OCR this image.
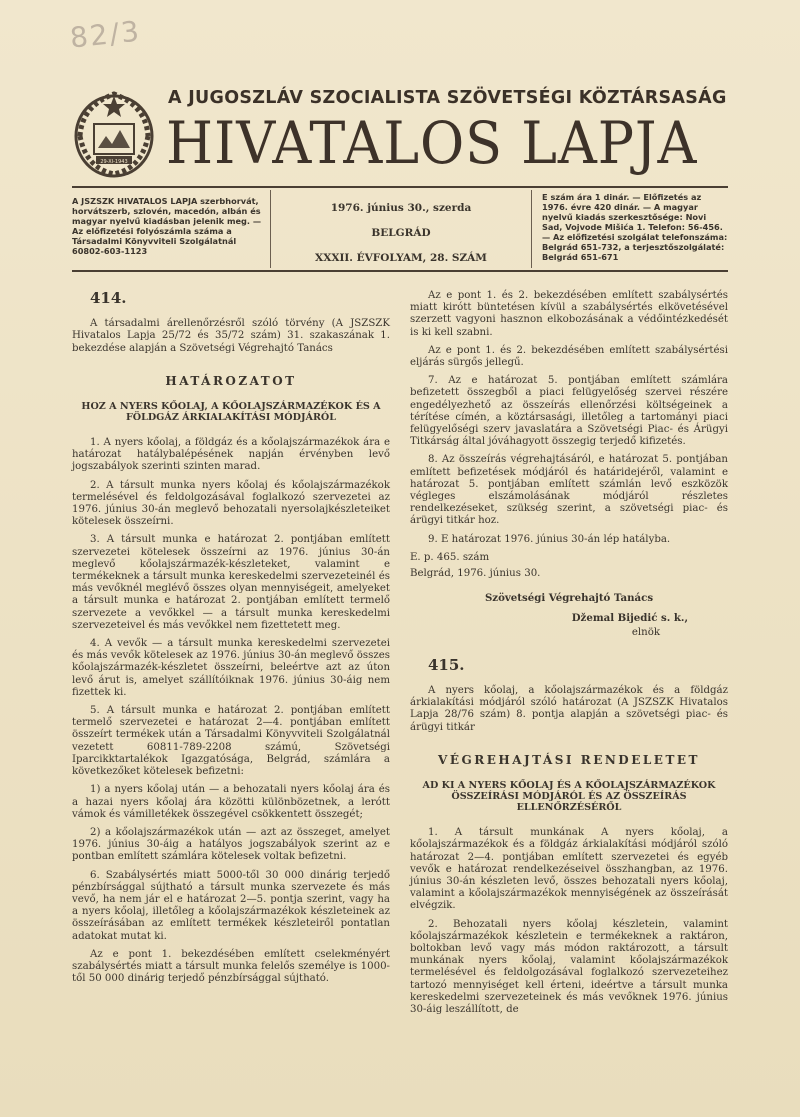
82/3
29-XI-1943
A JUGOSZLÁV SZOCIALISTA SZÖVETSÉGI KÖZTÁRSASÁG
HIVATALOS LAPJA
A JSZSZK HIVATALOS LAPJA szerbhorvát, horvátszerb, szlovén, macedón, albán és magyar nyelvű kiadásban jelenik meg. — Az előfizetési folyószámla száma a Társadalmi Könyvviteli Szolgálatnál 60802-603-1123
1976. június 30., szerda
BELGRÁD
XXXII. ÉVFOLYAM, 28. SZÁM
E szám ára 1 dinár. — Előfizetés az 1976. évre 420 dinár. — A magyar nyelvű kiadás szerkesztősége: Novi Sad, Vojvode Mišića 1. Telefon: 56-456. — Az előfizetési szolgálat telefonszáma: Belgrád 651-732, a terjesztőszolgálaté: Belgrád 651-671
414.

A társadalmi árellenőrzésről szóló törvény (A JSZSZK Hivatalos Lapja 25/72 és 35/72 szám) 31. szakaszának 1. bekezdése alapján a Szövetségi Végrehajtó Tanács

HATÁROZATOT
HOZ A NYERS KŐOLAJ, A KŐOLAJSZÁRMAZÉKOK ÉS A FÖLDGÁZ ÁRKIALAKÍTÁSI MÓDJÁRÓL

1. A nyers kőolaj, a földgáz és a kőolajszármazékok ára e határozat hatálybalépésének napján érvényben levő jogszabályok szerinti szinten marad.

2. A társult munka nyers kőolaj és kőolajszármazékok termelésével és feldolgozásával foglalkozó szervezetei az 1976. június 30-án meglevő behozatali nyersolajkészleteiket kötelesek összeírni.

3. A társult munka e határozat 2. pontjában említett szervezetei kötelesek összeírni az 1976. június 30-án meglevő kőolajszármazék-készleteket, valamint e termékeknek a társult munka kereskedelmi szervezeteinél és más vevőknél meglévő összes olyan mennyiségeit, amelyeket a társult munka e határozat 2. pontjában említett termelő szervezete a vevőkkel — a társult munka kereskedelmi szervezeteivel és más vevőkkel nem fizettetett meg.

4. A vevők — a társult munka kereskedelmi szervezetei és más vevők kötelesek az 1976. június 30-án meglevő összes kőolajszármazék-készletet összeírni, beleértve azt az úton levő árut is, amelyet szállítóiknak 1976. június 30-áig nem fizettek ki.

5. A társult munka e határozat 2. pontjában említett termelő szervezetei e határozat 2—4. pontjában említett összeírt termékek után a Társadalmi Könyvviteli Szolgálatnál vezetett 60811-789-2208 számú, Szövetségi Iparcikktartalékok Igazgatósága, Belgrád, számlára a következőket kötelesek befizetni:

1) a nyers kőolaj után — a behozatali nyers kőolaj ára és a hazai nyers kőolaj ára közötti különbözetnek, a lerótt vámok és vámilletékek összegével csökkentett összegét;

2) a kőolajszármazékok után — azt az összeget, amelyet 1976. június 30-áig a hatályos jogszabályok szerint az e pontban említett számlára kötelesek voltak befizetni.

6. Szabálysértés miatt 5000-től 30 000 dinárig terjedő pénzbírsággal sújtható a társult munka szervezete és más vevő, ha nem jár el e határozat 2—5. pontja szerint, vagy ha a nyers kőolaj, illetőleg a kőolajszármazékok készleteinek az összeírásában az említett termékek készleteiről pontatlan adatokat mutat ki.

Az e pont 1. bekezdésében említett cselekményért szabálysértés miatt a társult munka felelős személye is 1000-től 50 000 dinárig terjedő pénzbírsággal sújtható.

Az e pont 1. és 2. bekezdésében említett szabálysértés miatt kirótt büntetésen kívül a szabálysértés elkövetésével szerzett vagyoni hasznon elkobozásának a védőintézkedését is ki kell szabni.

Az e pont 1. és 2. bekezdésében említett szabálysértési eljárás sürgős jellegű.

7. Az e határozat 5. pontjában említett számlára befizetett összegből a piaci felügyelőség szervei részére engedélyezhető az összeírás ellenőrzési költségeinek a térítése címén, a köztársasági, illetőleg a tartományi piaci felügyelőségi szerv javaslatára a Szövetségi Piac- és Árügyi Titkárság által jóváhagyott összegig terjedő kifizetés.

8. Az összeírás végrehajtásáról, e határozat 5. pontjában említett befizetések módjáról és határidejéről, valamint e határozat 5. pontjában említett számlán levő eszközök végleges elszámolásának módjáról részletes rendelkezéseket, szükség szerint, a szövetségi piac- és árügyi titkár hoz.

9. E határozat 1976. június 30-án lép hatályba.

E. p. 465. szám

Belgrád, 1976. június 30.

Szövetségi Végrehajtó Tanács
Džemal Bijedić s. k.,
elnök
415.

A nyers kőolaj, a kőolajszármazékok és a földgáz árkialakítási módjáról szóló határozat (A JSZSZK Hivatalos Lapja 28/76 szám) 8. pontja alapján a szövetségi piac- és árügyi titkár

VÉGREHAJTÁSI RENDELETET
AD KI A NYERS KŐOLAJ ÉS A KŐOLAJSZÁRMAZÉKOK ÖSSZEÍRÁSI MÓDJÁRÓL ÉS AZ ÖSSZEÍRÁS ELLENŐRZÉSÉRŐL

1. A társult munkának A nyers kőolaj, a kőolajszármazékok és a földgáz árkialakítási módjáról szóló határozat 2—4. pontjában említett szervezetei és egyéb vevők e határozat rendelkezéseivel összhangban, az 1976. június 30-án készleten levő, összes behozatali nyers kőolaj, valamint a kőolajszármazékok mennyiségének az összeírását elvégzik.

2. Behozatali nyers kőolaj készletein, valamint kőolajszármazékok készletein e termékeknek a raktáron, boltokban levő vagy más módon raktározott, a társult munkának nyers kőolaj, valamint kőolajszármazékok termelésével és feldolgozásával foglalkozó szervezeteihez tartozó mennyiséget kell érteni, ideértve a társult munka kereskedelmi szervezeteinek és más vevőknek 1976. június 30-áig leszállított, de
